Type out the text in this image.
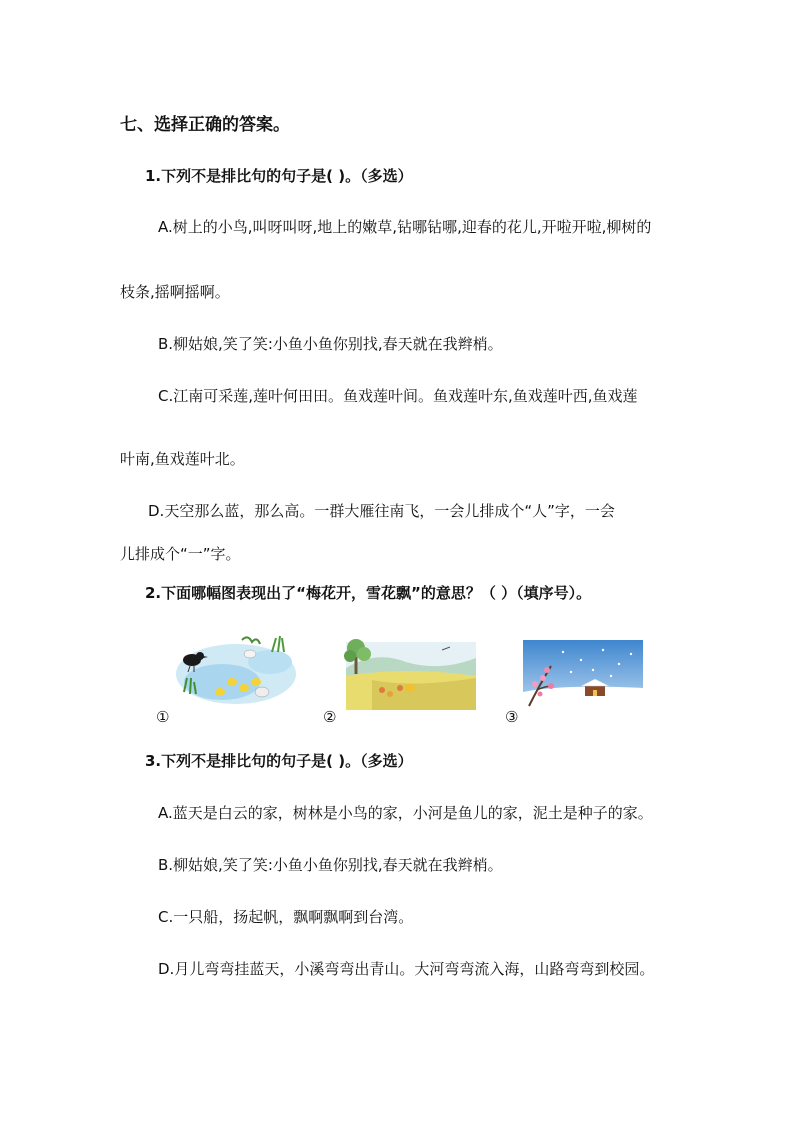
七、选择正确的答案。
1.下列不是排比句的句子是( )。（多选）
A.树上的小鸟,叫呀叫呀,地上的嫩草,钻哪钻哪,迎春的花儿,开啦开啦,柳树的
枝条,摇啊摇啊。
B.柳姑娘,笑了笑:小鱼小鱼你别找,春天就在我辫梢。
C.江南可采莲,莲叶何田田。鱼戏莲叶间。鱼戏莲叶东,鱼戏莲叶西,鱼戏莲
叶南,鱼戏莲叶北。
D.天空那么蓝，那么高。一群大雁往南飞，一会儿排成个“人”字，一会
儿排成个“一”字。
2.下面哪幅图表现出了“梅花开，雪花飘”的意思？（ ）（填序号）。
①	②	③
3.下列不是排比句的句子是( )。（多选）
A.蓝天是白云的家，树林是小鸟的家，小河是鱼儿的家，泥土是种子的家。
B.柳姑娘,笑了笑:小鱼小鱼你别找,春天就在我辫梢。
C.一只船，扬起帆，飘啊飘啊到台湾。
D.月儿弯弯挂蓝天，小溪弯弯出青山。大河弯弯流入海，山路弯弯到校园。
